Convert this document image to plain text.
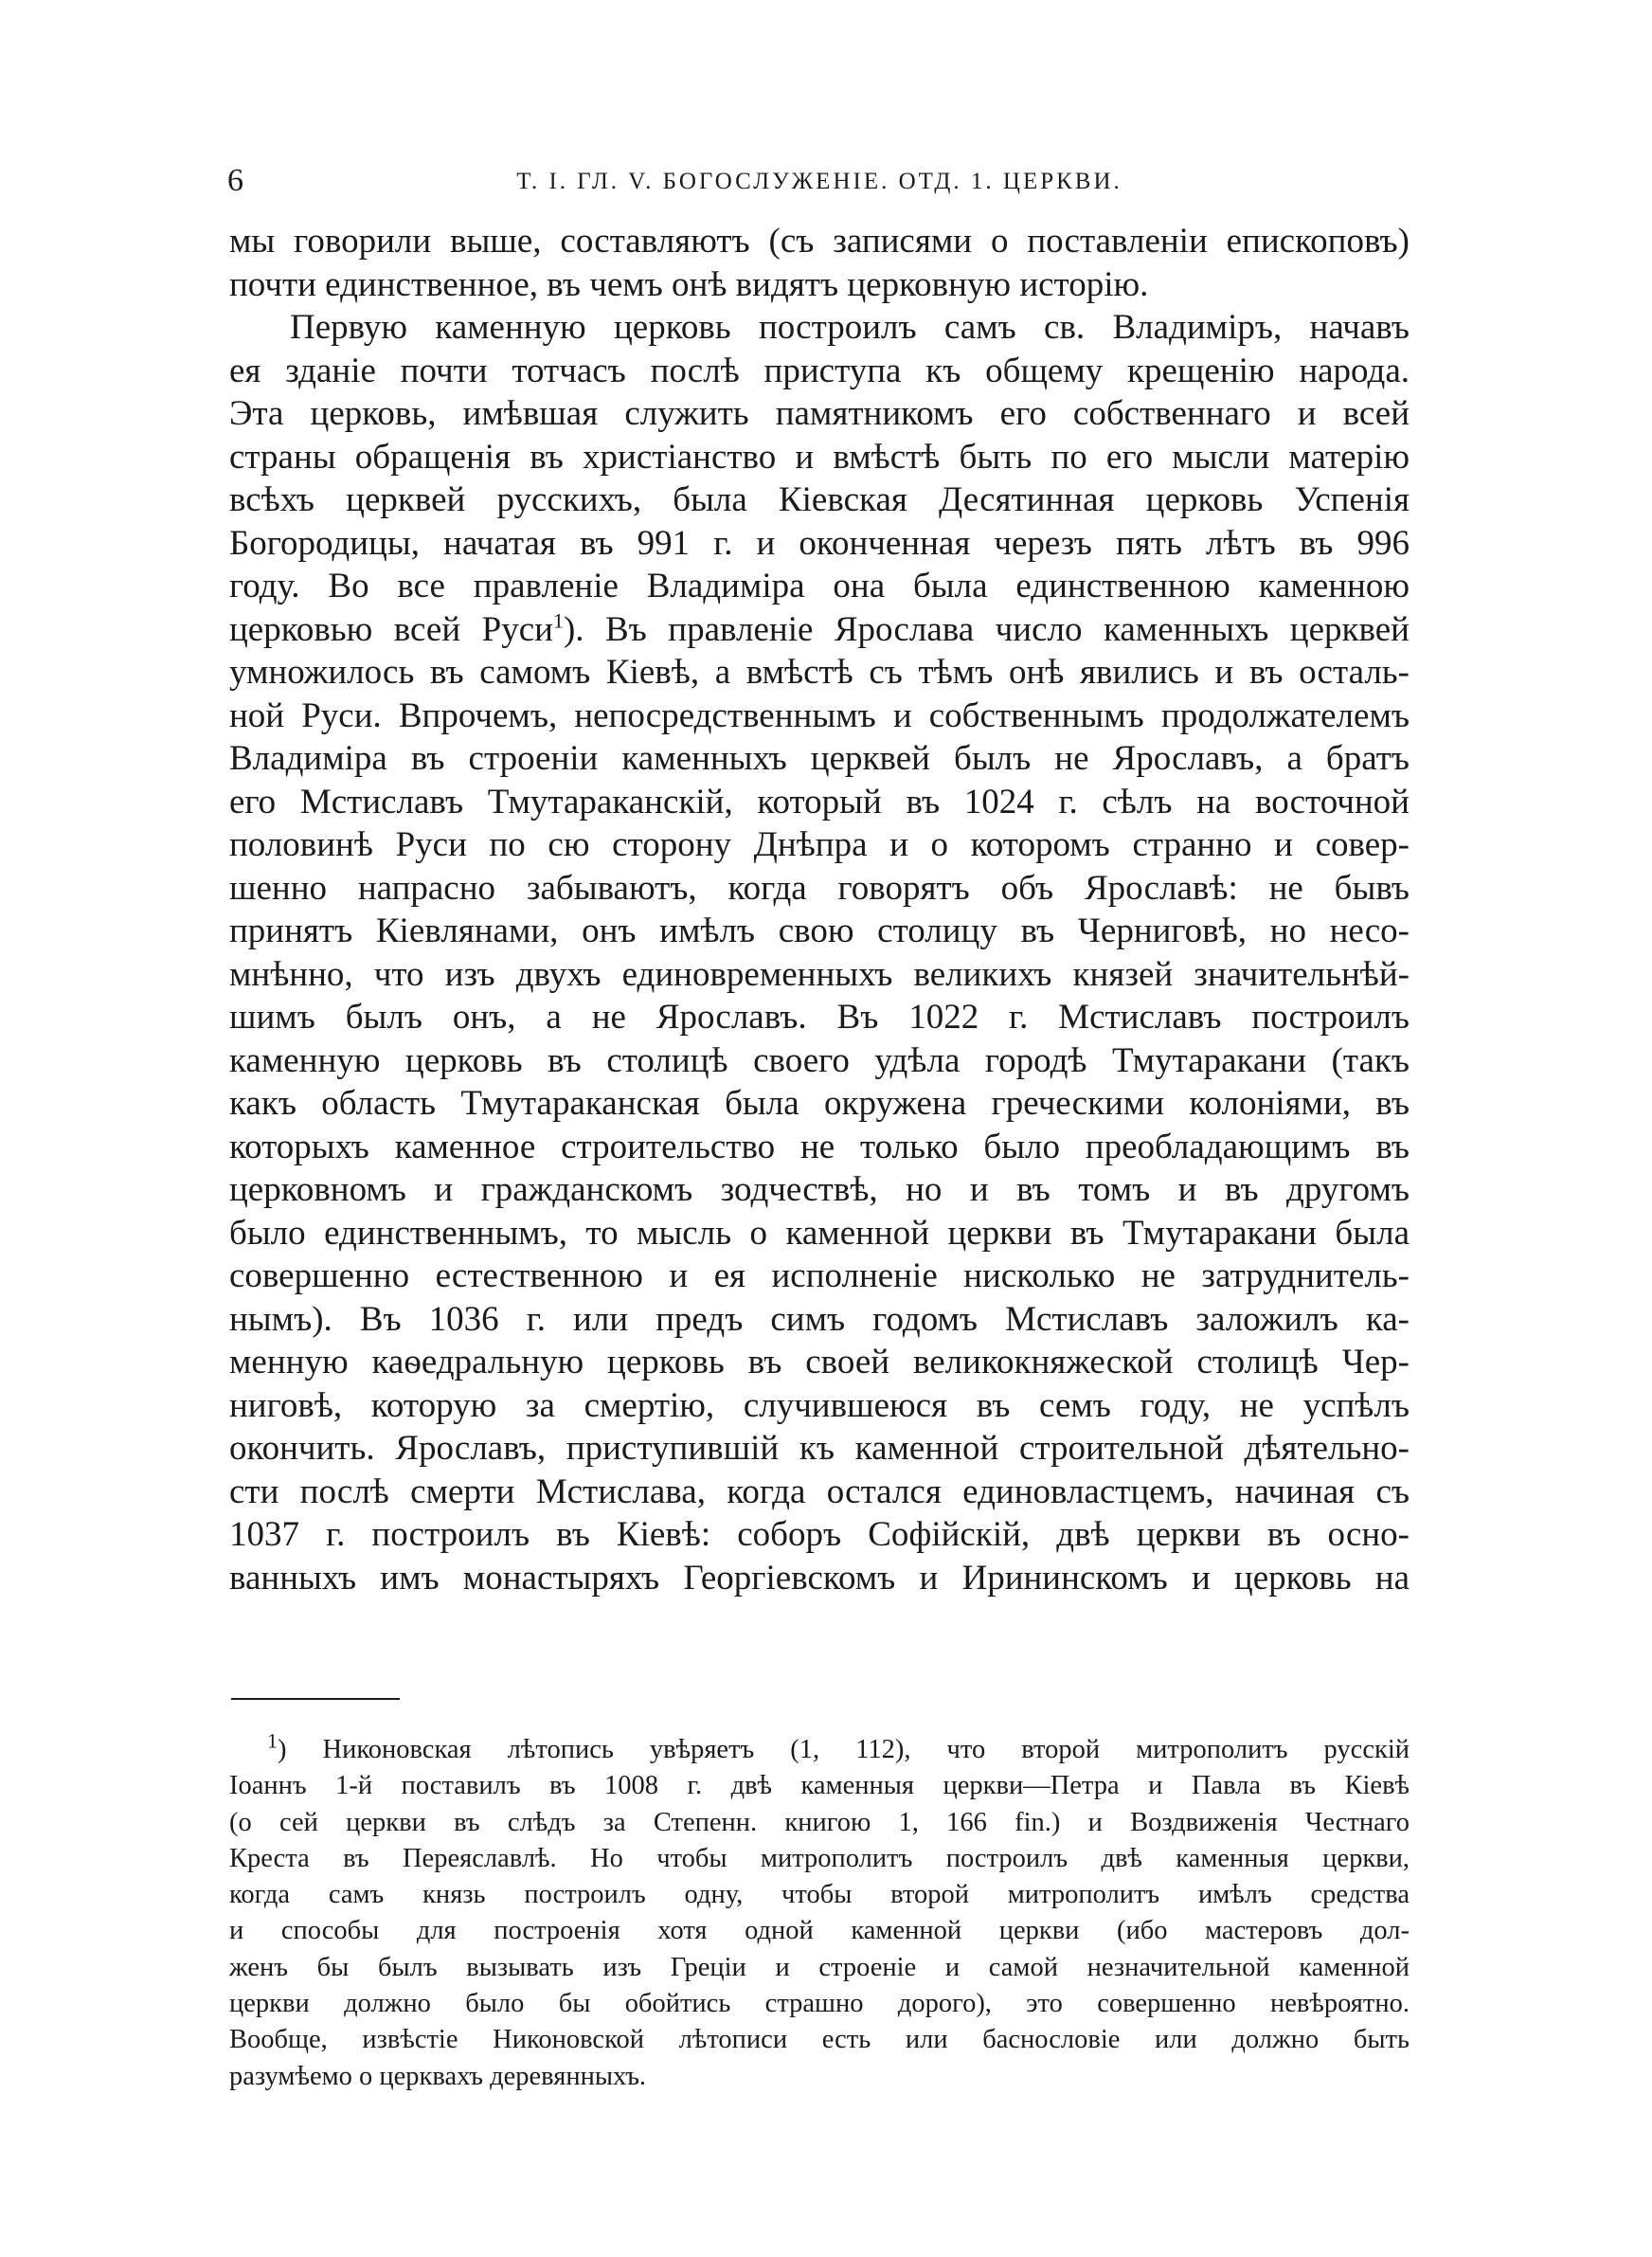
6	Т. I. ГЛ. V. БОГОСЛУЖЕНІЕ. ОТД. 1. ЦЕРКВИ.
мы говорили выше, составляютъ (съ записями о поставленіи епископовъ)
почти единственное, въ чемъ онѣ видятъ церковную исторію.
Первую каменную церковь построилъ самъ св. Владиміръ, начавъ
ея зданіе почти тотчасъ послѣ приступа къ общему крещенію народа.
Эта церковь, имѣвшая служить памятникомъ его собственнаго и всей
страны обращенія въ христіанство и вмѣстѣ быть по его мысли матерію
всѣхъ церквей русскихъ, была Кіевская Десятинная церковь Успенія
Богородицы, начатая въ 991 г. и оконченная черезъ пять лѣтъ въ 996
году. Во все правленіе Владиміра она была единственною каменною
церковью всей Руси$^1$). Въ правленіе Ярослава число каменныхъ церквей
умножилось въ самомъ Кіевѣ, а вмѣстѣ съ тѣмъ онѣ явились и въ осталь-
ной Руси. Впрочемъ, непосредственнымъ и собственнымъ продолжателемъ
Владиміра въ строеніи каменныхъ церквей былъ не Ярославъ, а братъ
его Мстиславъ Тмутараканскій, который въ 1024 г. сѣлъ на восточной
половинѣ Руси по сю сторону Днѣпра и о которомъ странно и совер-
шенно напрасно забываютъ, когда говорятъ объ Ярославѣ: не бывъ
принятъ Кіевлянами, онъ имѣлъ свою столицу въ Черниговѣ, но несо-
мнѣнно, что изъ двухъ единовременныхъ великихъ князей значительнѣй-
шимъ былъ онъ, а не Ярославъ. Въ 1022 г. Мстиславъ построилъ
каменную церковь въ столицѣ своего удѣла городѣ Тмутаракани (такъ
какъ область Тмутараканская была окружена греческими колоніями, въ
которыхъ каменное строительство не только было преобладающимъ въ
церковномъ и гражданскомъ зодчествѣ, но и въ томъ и въ другомъ
было единственнымъ, то мысль о каменной церкви въ Тмутаракани была
совершенно естественною и ея исполненіе нисколько не затруднитель-
нымъ). Въ 1036 г. или предъ симъ годомъ Мстиславъ заложилъ ка-
менную каѳедральную церковь въ своей великокняжеской столицѣ Чер-
ниговѣ, которую за смертію, случившеюся въ семъ году, не успѣлъ
окончить. Ярославъ, приступившій къ каменной строительной дѣятельно-
сти послѣ смерти Мстислава, когда остался единовластцемъ, начиная съ
1037 г. построилъ въ Кіевѣ: соборъ Софійскій, двѣ церкви въ осно-
ванныхъ имъ монастыряхъ Георгіевскомъ и Ирининскомъ и церковь на
$^1$) Никоновская лѣтопись увѣряетъ (1, 112), что второй митрополитъ русскій
Іоаннъ 1-й поставилъ въ 1008 г. двѣ каменныя церкви—Петра и Павла въ Кіевѣ
(о сей церкви въ слѣдъ за Степенн. книгою 1, 166 fin.) и Воздвиженія Честнаго
Креста въ Переяславлѣ. Но чтобы митрополитъ построилъ двѣ каменныя церкви,
когда самъ князь построилъ одну, чтобы второй митрополитъ имѣлъ средства
и способы для построенія хотя одной каменной церкви (ибо мастеровъ дол-
женъ бы былъ вызывать изъ Греціи и строеніе и самой незначительной каменной
церкви должно было бы обойтись страшно дорого), это совершенно невѣроятно.
Вообще, извѣстіе Никоновской лѣтописи есть или баснословіе или должно быть
разумѣемо о церквахъ деревянныхъ.
